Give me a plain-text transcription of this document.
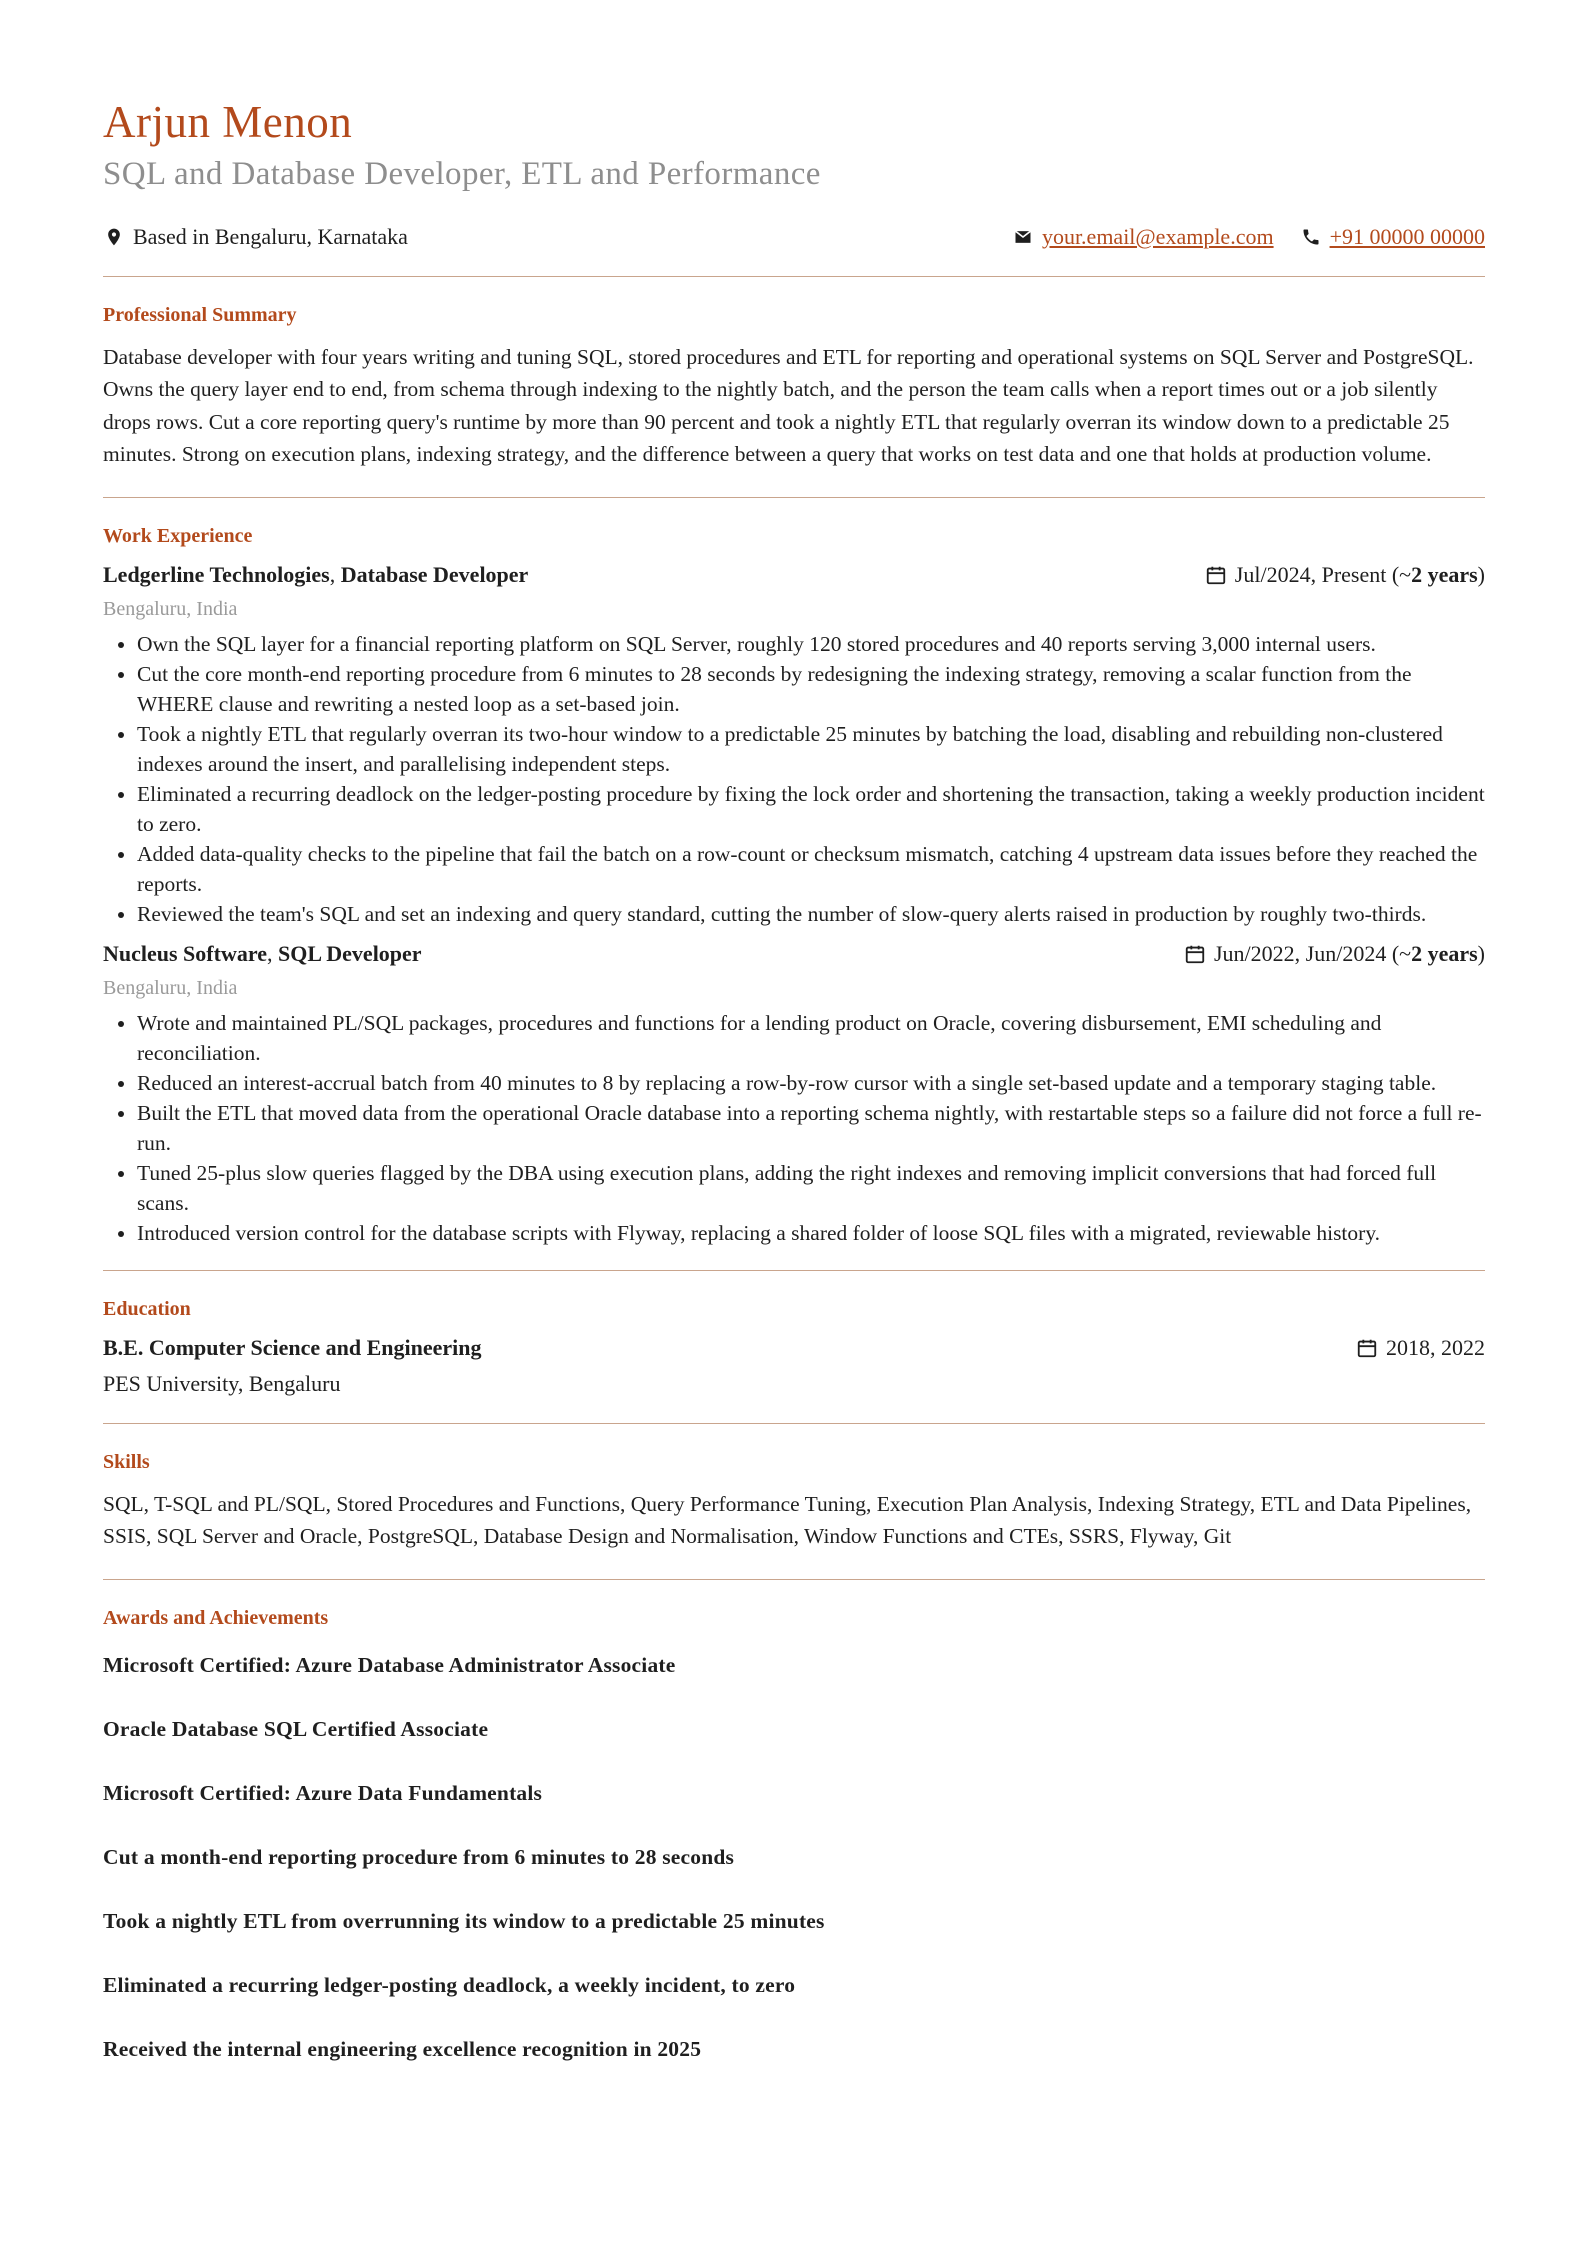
Arjun Menon
SQL and Database Developer, ETL and Performance
Based in Bengaluru, Karnataka	your.email@example.com	+91 00000 00000
Professional Summary

Database developer with four years writing and tuning SQL, stored procedures and ETL for reporting and operational systems on SQL Server and PostgreSQL. Owns the query layer end to end, from schema through indexing to the nightly batch, and the person the team calls when a report times out or a job silently drops rows. Cut a core reporting query's runtime by more than 90 percent and took a nightly ETL that regularly overran its window down to a predictable 25 minutes. Strong on execution plans, indexing strategy, and the difference between a query that works on test data and one that holds at production volume.

Work Experience
Ledgerline Technologies, Database Developer	Jul/2024, Present (~ 2 years )
Bengaluru, India
• Own the SQL layer for a financial reporting platform on SQL Server, roughly 120 stored procedures and 40 reports serving 3,000 internal users.
• Cut the core month-end reporting procedure from 6 minutes to 28 seconds by redesigning the indexing strategy, removing a scalar function from the WHERE clause and rewriting a nested loop as a set-based join.
• Took a nightly ETL that regularly overran its two-hour window to a predictable 25 minutes by batching the load, disabling and rebuilding non-clustered indexes around the insert, and parallelising independent steps.
• Eliminated a recurring deadlock on the ledger-posting procedure by fixing the lock order and shortening the transaction, taking a weekly production incident to zero.
• Added data-quality checks to the pipeline that fail the batch on a row-count or checksum mismatch, catching 4 upstream data issues before they reached the reports.
• Reviewed the team's SQL and set an indexing and query standard, cutting the number of slow-query alerts raised in production by roughly two-thirds.
Nucleus Software, SQL Developer	Jun/2022, Jun/2024 (~ 2 years )
Bengaluru, India
• Wrote and maintained PL/SQL packages, procedures and functions for a lending product on Oracle, covering disbursement, EMI scheduling and reconciliation.
• Reduced an interest-accrual batch from 40 minutes to 8 by replacing a row-by-row cursor with a single set-based update and a temporary staging table.
• Built the ETL that moved data from the operational Oracle database into a reporting schema nightly, with restartable steps so a failure did not force a full re-run.
• Tuned 25-plus slow queries flagged by the DBA using execution plans, adding the right indexes and removing implicit conversions that had forced full scans.
• Introduced version control for the database scripts with Flyway, replacing a shared folder of loose SQL files with a migrated, reviewable history.
Education
B.E. Computer Science and Engineering	2018, 2022
PES University, Bengaluru
Skills

SQL, T-SQL and PL/SQL, Stored Procedures and Functions, Query Performance Tuning, Execution Plan Analysis, Indexing Strategy, ETL and Data Pipelines, SSIS, SQL Server and Oracle, PostgreSQL, Database Design and Normalisation, Window Functions and CTEs, SSRS, Flyway, Git

Awards and Achievements

Microsoft Certified: Azure Database Administrator Associate

Oracle Database SQL Certified Associate

Microsoft Certified: Azure Data Fundamentals

Cut a month-end reporting procedure from 6 minutes to 28 seconds

Took a nightly ETL from overrunning its window to a predictable 25 minutes

Eliminated a recurring ledger-posting deadlock, a weekly incident, to zero

Received the internal engineering excellence recognition in 2025
